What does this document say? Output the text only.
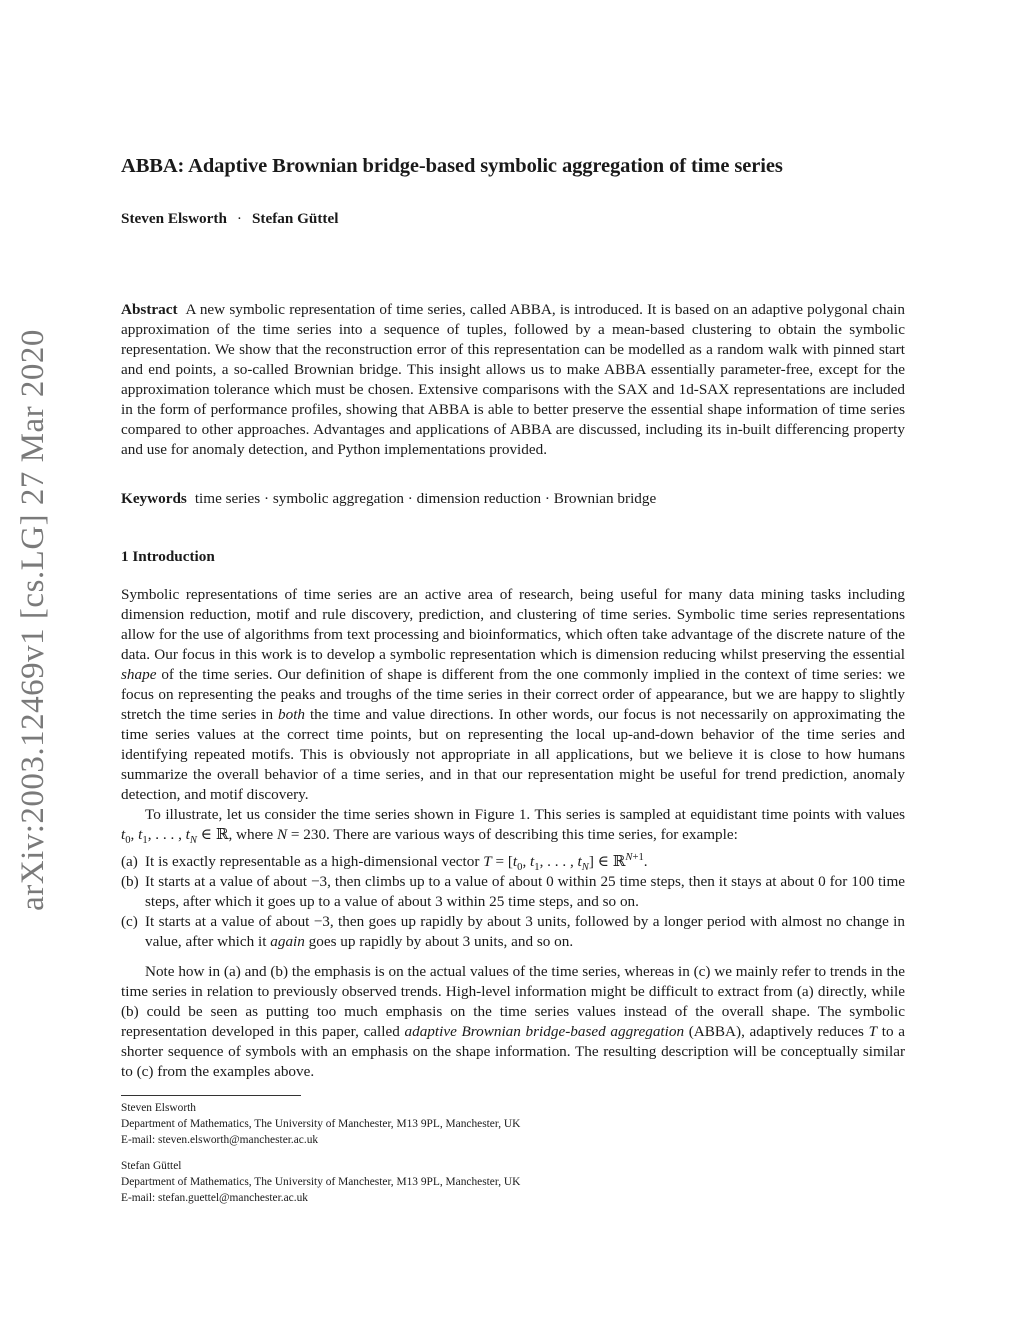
arXiv:2003.12469v1 [cs.LG] 27 Mar 2020
ABBA: Adaptive Brownian bridge-based symbolic aggregation of time series
Steven Elsworth · Stefan Güttel
Abstract A new symbolic representation of time series, called ABBA, is introduced. It is based on an adaptive polygonal chain approximation of the time series into a sequence of tuples, followed by a mean-based clustering to obtain the symbolic representation. We show that the reconstruction error of this representation can be modelled as a random walk with pinned start and end points, a so-called Brownian bridge. This insight allows us to make ABBA essentially parameter-free, except for the approximation tolerance which must be chosen. Extensive comparisons with the SAX and 1d-SAX representations are included in the form of performance profiles, showing that ABBA is able to better preserve the essential shape information of time series compared to other approaches. Advantages and applications of ABBA are discussed, including its in-built differencing property and use for anomaly detection, and Python implementations provided.
Keywords time series · symbolic aggregation · dimension reduction · Brownian bridge
1 Introduction

Symbolic representations of time series are an active area of research, being useful for many data mining tasks including dimension reduction, motif and rule discovery, prediction, and clustering of time series. Symbolic time series representations allow for the use of algorithms from text processing and bioinformatics, which often take advantage of the discrete nature of the data. Our focus in this work is to develop a symbolic representation which is dimension reducing whilst preserving the essential shape of the time series. Our definition of shape is different from the one commonly implied in the context of time series: we focus on representing the peaks and troughs of the time series in their correct order of appearance, but we are happy to slightly stretch the time series in both the time and value directions. In other words, our focus is not necessarily on approximating the time series values at the correct time points, but on representing the local up-and-down behavior of the time series and identifying repeated motifs. This is obviously not appropriate in all applications, but we believe it is close to how humans summarize the overall behavior of a time series, and in that our representation might be useful for trend prediction, anomaly detection, and motif discovery.

To illustrate, let us consider the time series shown in Figure 1. This series is sampled at equidistant time points with values $t_0$, $t_1$, . . . , $t_N$ ∈ ℝ, where N = 230. There are various ways of describing this time series, for example:

(a) It is exactly representable as a high-dimensional vector $T = [t_0$, $t_1$, . . . , $t_N$] ∈ ℝ$^{N+1}$.
(b) It starts at a value of about −3, then climbs up to a value of about 0 within 25 time steps, then it stays at about 0 for 100 time steps, after which it goes up to a value of about 3 within 25 time steps, and so on.
(c) It starts at a value of about −3, then goes up rapidly by about 3 units, followed by a longer period with almost no change in value, after which it again goes up rapidly by about 3 units, and so on.

Note how in (a) and (b) the emphasis is on the actual values of the time series, whereas in (c) we mainly refer to trends in the time series in relation to previously observed trends. High-level information might be difficult to extract from (a) directly, while (b) could be seen as putting too much emphasis on the time series values instead of the overall shape. The symbolic representation developed in this paper, called adaptive Brownian bridge-based aggregation (ABBA), adaptively reduces T to a shorter sequence of symbols with an emphasis on the shape information. The resulting description will be conceptually similar to (c) from the examples above.

Steven Elsworth
Department of Mathematics, The University of Manchester, M13 9PL, Manchester, UK
E-mail: steven.elsworth@manchester.ac.uk
Stefan Güttel
Department of Mathematics, The University of Manchester, M13 9PL, Manchester, UK
E-mail: stefan.guettel@manchester.ac.uk
